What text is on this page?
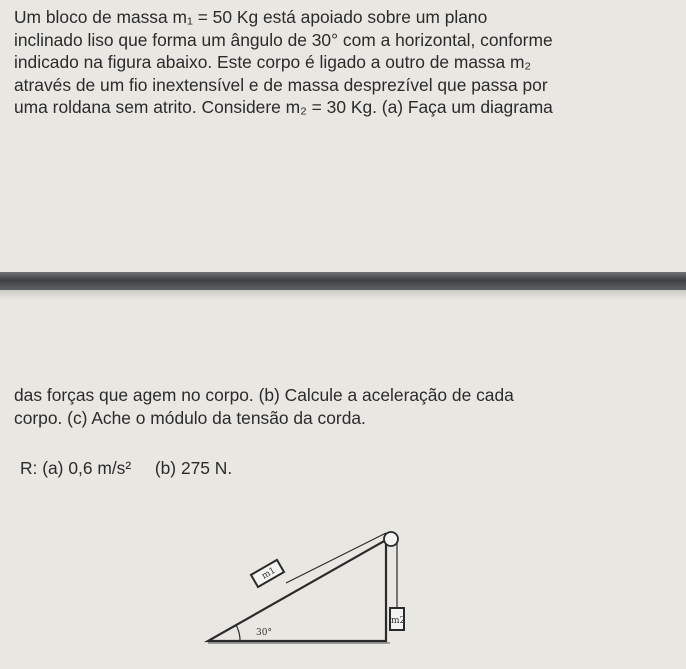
Um bloco de massa m₁ = 50 Kg está apoiado sobre um plano
inclinado liso que forma um ângulo de 30° com a horizontal, conforme
indicado na figura abaixo. Este corpo é ligado a outro de massa m₂
através de um fio inextensível e de massa desprezível que passa por
uma roldana sem atrito. Considere m₂ = 30 Kg. (a) Faça um diagrama
das forças que agem no corpo. (b) Calcule a aceleração de cada
corpo. (c) Ache o módulo da tensão da corda.
R: (a) 0,6 m/s² (b) 275 N.
m1
m2
30°
